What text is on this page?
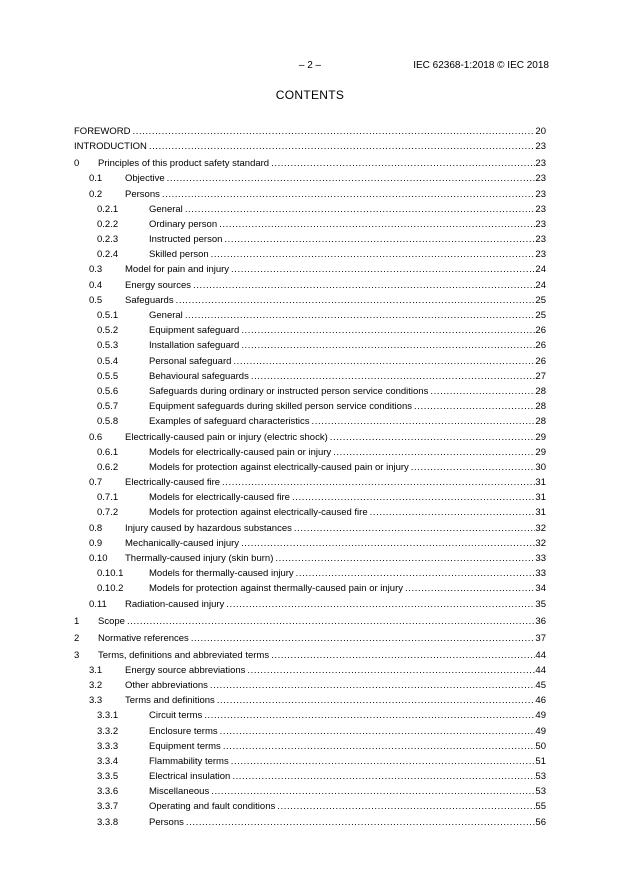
– 2 –	IEC 62368-1:2018 © IEC 2018
CONTENTS
FOREWORD .....	20
INTRODUCTION .....	23
0	Principles of this product safety standard .....	23
0.1	Objective .....	23
0.2	Persons .....	23
0.2.1	General .....	23
0.2.2	Ordinary person .....	23
0.2.3	Instructed person .....	23
0.2.4	Skilled person .....	23
0.3	Model for pain and injury .....	24
0.4	Energy sources .....	24
0.5	Safeguards .....	25
0.5.1	General .....	25
0.5.2	Equipment safeguard .....	26
0.5.3	Installation safeguard .....	26
0.5.4	Personal safeguard .....	26
0.5.5	Behavioural safeguards .....	27
0.5.6	Safeguards during ordinary or instructed person service conditions .....	28
0.5.7	Equipment safeguards during skilled person service conditions .....	28
0.5.8	Examples of safeguard characteristics .....	28
0.6	Electrically-caused pain or injury (electric shock) .....	29
0.6.1	Models for electrically-caused pain or injury .....	29
0.6.2	Models for protection against electrically-caused pain or injury .....	30
0.7	Electrically-caused fire .....	31
0.7.1	Models for electrically-caused fire .....	31
0.7.2	Models for protection against electrically-caused fire .....	31
0.8	Injury caused by hazardous substances .....	32
0.9	Mechanically-caused injury .....	32
0.10	Thermally-caused injury (skin burn) .....	33
0.10.1	Models for thermally-caused injury .....	33
0.10.2	Models for protection against thermally-caused pain or injury .....	34
0.11	Radiation-caused injury .....	35
1	Scope .....	36
2	Normative references .....	37
3	Terms, definitions and abbreviated terms .....	44
3.1	Energy source abbreviations .....	44
3.2	Other abbreviations .....	45
3.3	Terms and definitions .....	46
3.3.1	Circuit terms .....	49
3.3.2	Enclosure terms .....	49
3.3.3	Equipment terms .....	50
3.3.4	Flammability terms .....	51
3.3.5	Electrical insulation .....	53
3.3.6	Miscellaneous .....	53
3.3.7	Operating and fault conditions .....	55
3.3.8	Persons .....	56
